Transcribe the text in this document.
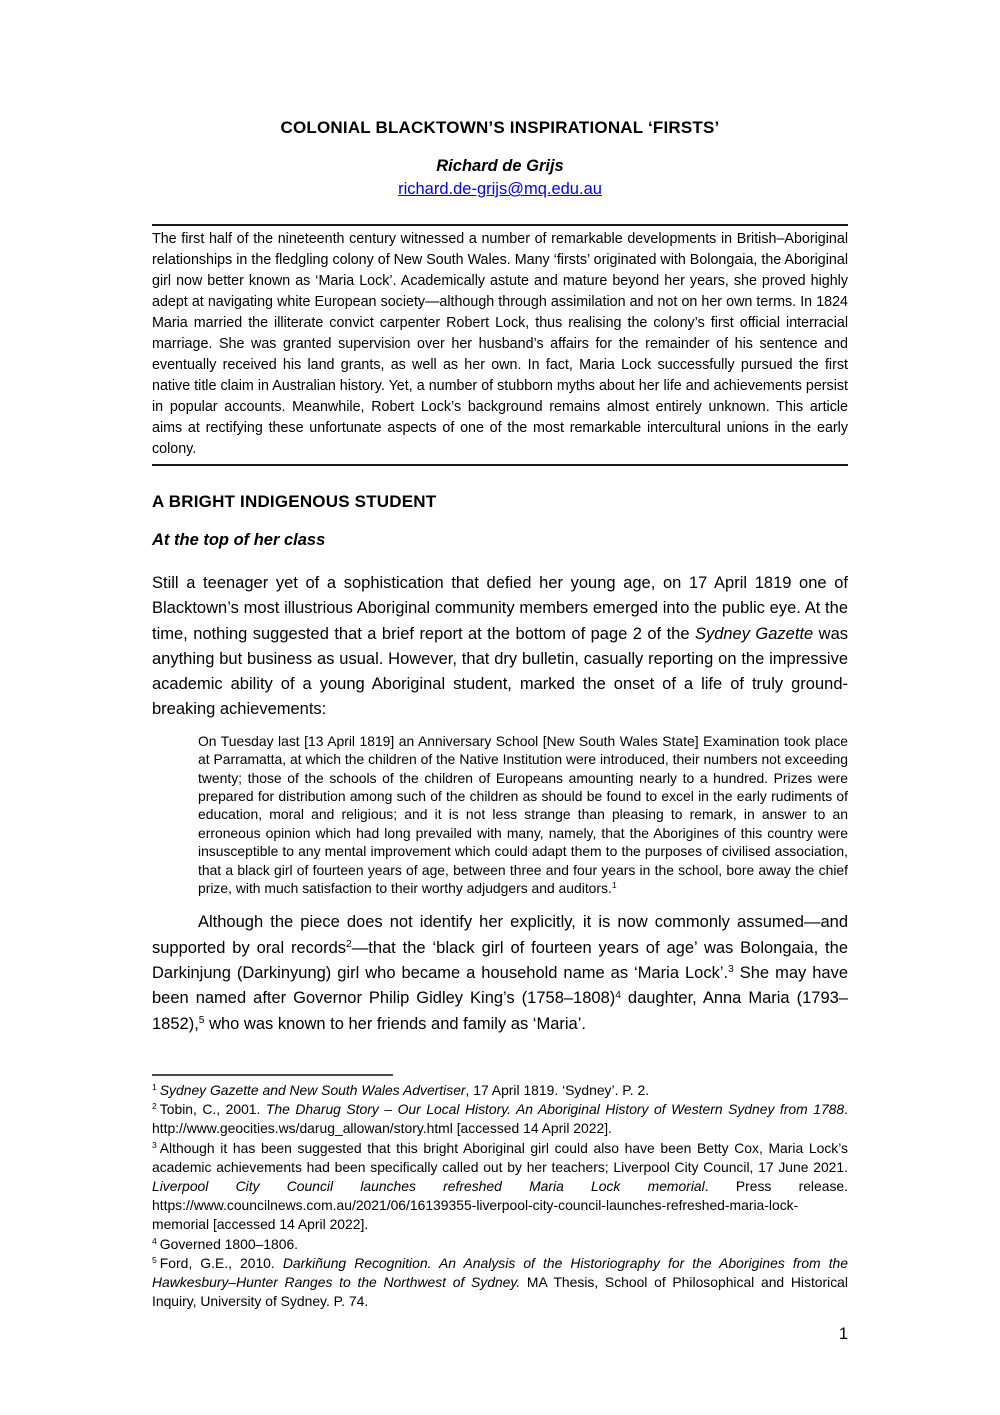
COLONIAL BLACKTOWN’S INSPIRATIONAL ‘FIRSTS’
Richard de Grijs
richard.de-grijs@mq.edu.au

The first half of the nineteenth century witnessed a number of remarkable developments in British–Aboriginal relationships in the fledgling colony of New South Wales. Many ‘firsts’ originated with Bolongaia, the Aboriginal girl now better known as ‘Maria Lock’. Academically astute and mature beyond her years, she proved highly adept at navigating white European society—although through assimilation and not on her own terms. In 1824 Maria married the illiterate convict carpenter Robert Lock, thus realising the colony’s first official interracial marriage. She was granted supervision over her husband’s affairs for the remainder of his sentence and eventually received his land grants, as well as her own. In fact, Maria Lock successfully pursued the first native title claim in Australian history. Yet, a number of stubborn myths about her life and achievements persist in popular accounts. Meanwhile, Robert Lock’s background remains almost entirely unknown. This article aims at rectifying these unfortunate aspects of one of the most remarkable intercultural unions in the early colony.

A BRIGHT INDIGENOUS STUDENT
At the top of her class

Still a teenager yet of a sophistication that defied her young age, on 17 April 1819 one of Blacktown’s most illustrious Aboriginal community members emerged into the public eye. At the time, nothing suggested that a brief report at the bottom of page 2 of the Sydney Gazette was anything but business as usual. However, that dry bulletin, casually reporting on the impressive academic ability of a young Aboriginal student, marked the onset of a life of truly ground-breaking achievements:

On Tuesday last [13 April 1819] an Anniversary School [New South Wales State] Examination took place at Parramatta, at which the children of the Native Institution were introduced, their numbers not exceeding twenty; those of the schools of the children of Europeans amounting nearly to a hundred. Prizes were prepared for distribution among such of the children as should be found to excel in the early rudiments of education, moral and religious; and it is not less strange than pleasing to remark, in answer to an erroneous opinion which had long prevailed with many, namely, that the Aborigines of this country were insusceptible to any mental improvement which could adapt them to the purposes of civilised association, that a black girl of fourteen years of age, between three and four years in the school, bore away the chief prize, with much satisfaction to their worthy adjudgers and auditors.$^1$

Although the piece does not identify her explicitly, it is now commonly assumed—and supported by oral records$^2$—that the ‘black girl of fourteen years of age’ was Bolongaia, the Darkinjung (Darkinyung) girl who became a household name as ‘Maria Lock’.$^3$ She may have been named after Governor Philip Gidley King’s (1758–1808)$^4$ daughter, Anna Maria (1793–1852),$^5$ who was known to her friends and family as ‘Maria’.

$^1$ Sydney Gazette and New South Wales Advertiser, 17 April 1819. ‘Sydney’. P. 2.

$^2$ Tobin, C., 2001. The Dharug Story – Our Local History. An Aboriginal History of Western Sydney from 1788. http://www.geocities.ws/darug_allowan/story.html [accessed 14 April 2022].

$^3$ Although it has been suggested that this bright Aboriginal girl could also have been Betty Cox, Maria Lock’s academic achievements had been specifically called out by her teachers; Liverpool City Council, 17 June 2021. Liverpool City Council launches refreshed Maria Lock memorial. Press release. https://www.councilnews.com.au/2021/06/16139355-liverpool-city-council-launches-refreshed-maria-lock-memorial [accessed 14 April 2022].

$^4$ Governed 1800–1806.

$^5$ Ford, G.E., 2010. Darkiñung Recognition. An Analysis of the Historiography for the Aborigines from the Hawkesbury–Hunter Ranges to the Northwest of Sydney. MA Thesis, School of Philosophical and Historical Inquiry, University of Sydney. P. 74.

1
